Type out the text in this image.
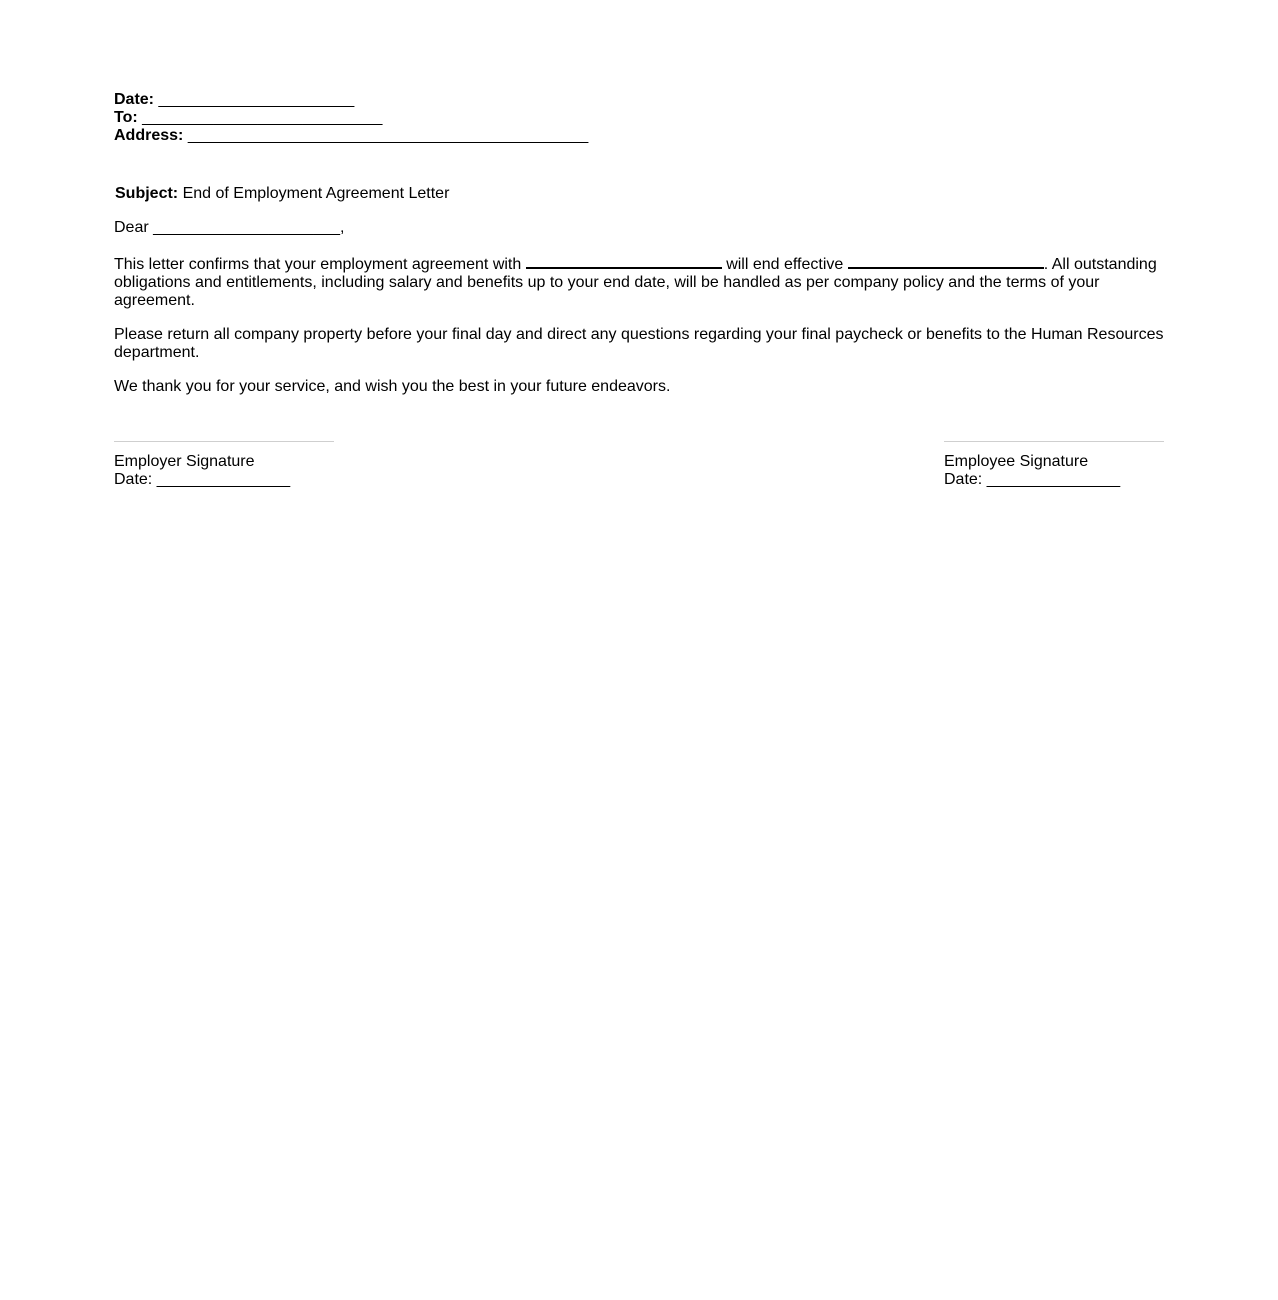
Date: ______________________
To: ___________________________
Address: _____________________________________________
Subject: End of Employment Agreement Letter
Dear _____________________,
This letter confirms that your employment agreement with	will end effective	. All outstanding obligations and entitlements, including salary and benefits up to your end date, will be handled as per company policy and the terms of your agreement.
Please return all company property before your final day and direct any questions regarding your final paycheck or benefits to the Human Resources department.
We thank you for your service, and wish you the best in your future endeavors.
Employer Signature
Date: _______________
Employee Signature
Date: _______________
